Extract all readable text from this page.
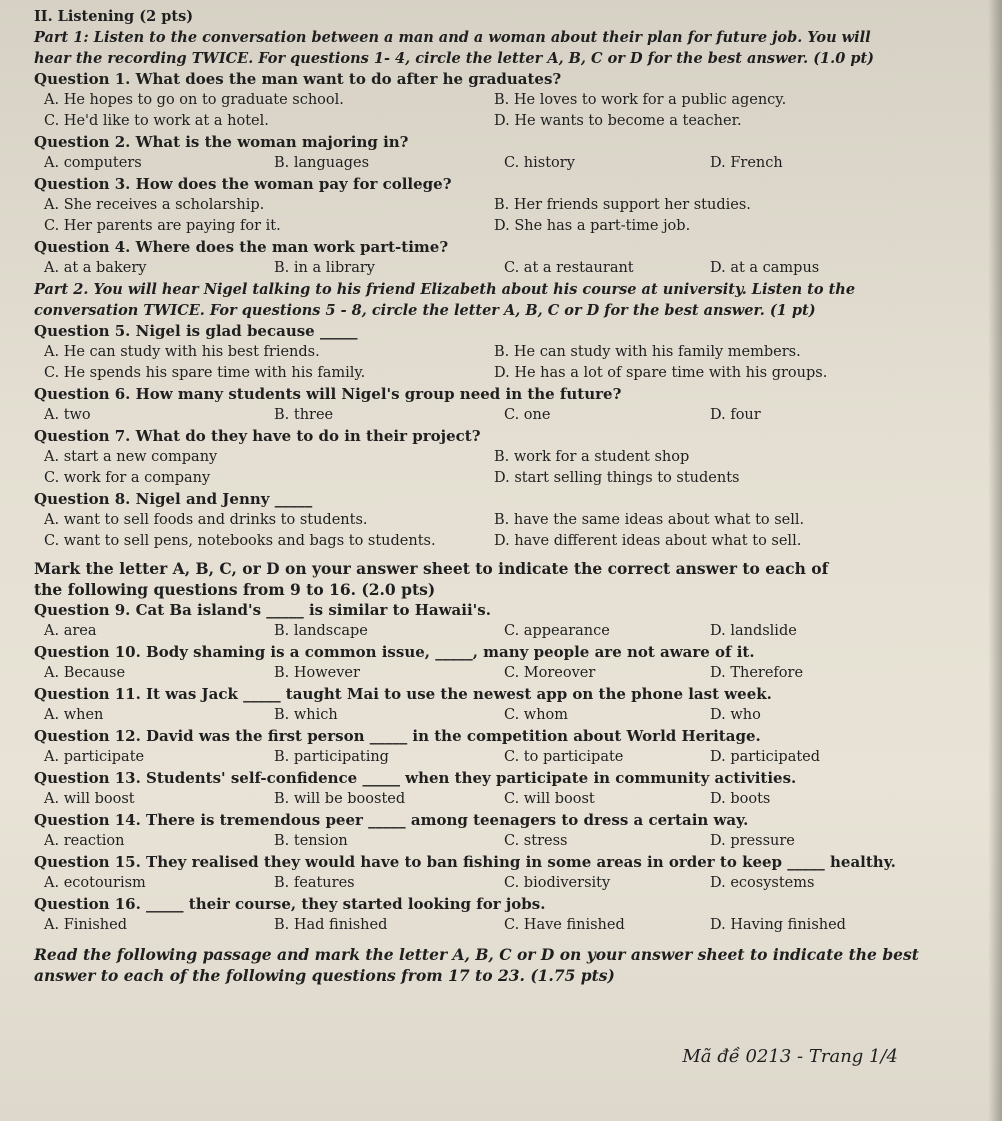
II. Listening (2 pts)
Part 1: Listen to the conversation between a man and a woman about their plan for future job. You will
hear the recording TWICE. For questions 1- 4, circle the letter A, B, C or D for the best answer. (1.0 pt)
Question 1. What does the man want to do after he graduates?
A. He hopes to go on to graduate school.	B. He loves to work for a public agency.
C. He'd like to work at a hotel.	D. He wants to become a teacher.
Question 2. What is the woman majoring in?
A. computers	B. languages	C. history	D. French
Question 3. How does the woman pay for college?
A. She receives a scholarship.	B. Her friends support her studies.
C. Her parents are paying for it.	D. She has a part-time job.
Question 4. Where does the man work part-time?
A. at a bakery	B. in a library	C. at a restaurant	D. at a campus
Part 2. You will hear Nigel talking to his friend Elizabeth about his course at university. Listen to the
conversation TWICE. For questions 5 - 8, circle the letter A, B, C or D for the best answer. (1 pt)
Question 5. Nigel is glad because _____
A. He can study with his best friends.	B. He can study with his family members.
C. He spends his spare time with his family.	D. He has a lot of spare time with his groups.
Question 6. How many students will Nigel's group need in the future?
A. two	B. three	C. one	D. four
Question 7. What do they have to do in their project?
A. start a new company	B. work for a student shop
C. work for a company	D. start selling things to students
Question 8. Nigel and Jenny _____
A. want to sell foods and drinks to students.	B. have the same ideas about what to sell.
C. want to sell pens, notebooks and bags to students.	D. have different ideas about what to sell.
Mark the letter A, B, C, or D on your answer sheet to indicate the correct answer to each of
the following questions from 9 to 16. (2.0 pts)
Question 9. Cat Ba island's _____ is similar to Hawaii's.
A. area	B. landscape	C. appearance	D. landslide
Question 10. Body shaming is a common issue, _____, many people are not aware of it.
A. Because	B. However	C. Moreover	D. Therefore
Question 11. It was Jack _____ taught Mai to use the newest app on the phone last week.
A. when	B. which	C. whom	D. who
Question 12. David was the first person _____ in the competition about World Heritage.
A. participate	B. participating	C. to participate	D. participated
Question 13. Students' self-confidence _____ when they participate in community activities.
A. will boost	B. will be boosted	C. will boost	D. boots
Question 14. There is tremendous peer _____ among teenagers to dress a certain way.
A. reaction	B. tension	C. stress	D. pressure
Question 15. They realised they would have to ban fishing in some areas in order to keep _____ healthy.
A. ecotourism	B. features	C. biodiversity	D. ecosystems
Question 16. _____ their course, they started looking for jobs.
A. Finished	B. Had finished	C. Have finished	D. Having finished
Read the following passage and mark the letter A, B, C or D on your answer sheet to indicate the best
answer to each of the following questions from 17 to 23. (1.75 pts)
Mã đề 0213 - Trang 1/4
